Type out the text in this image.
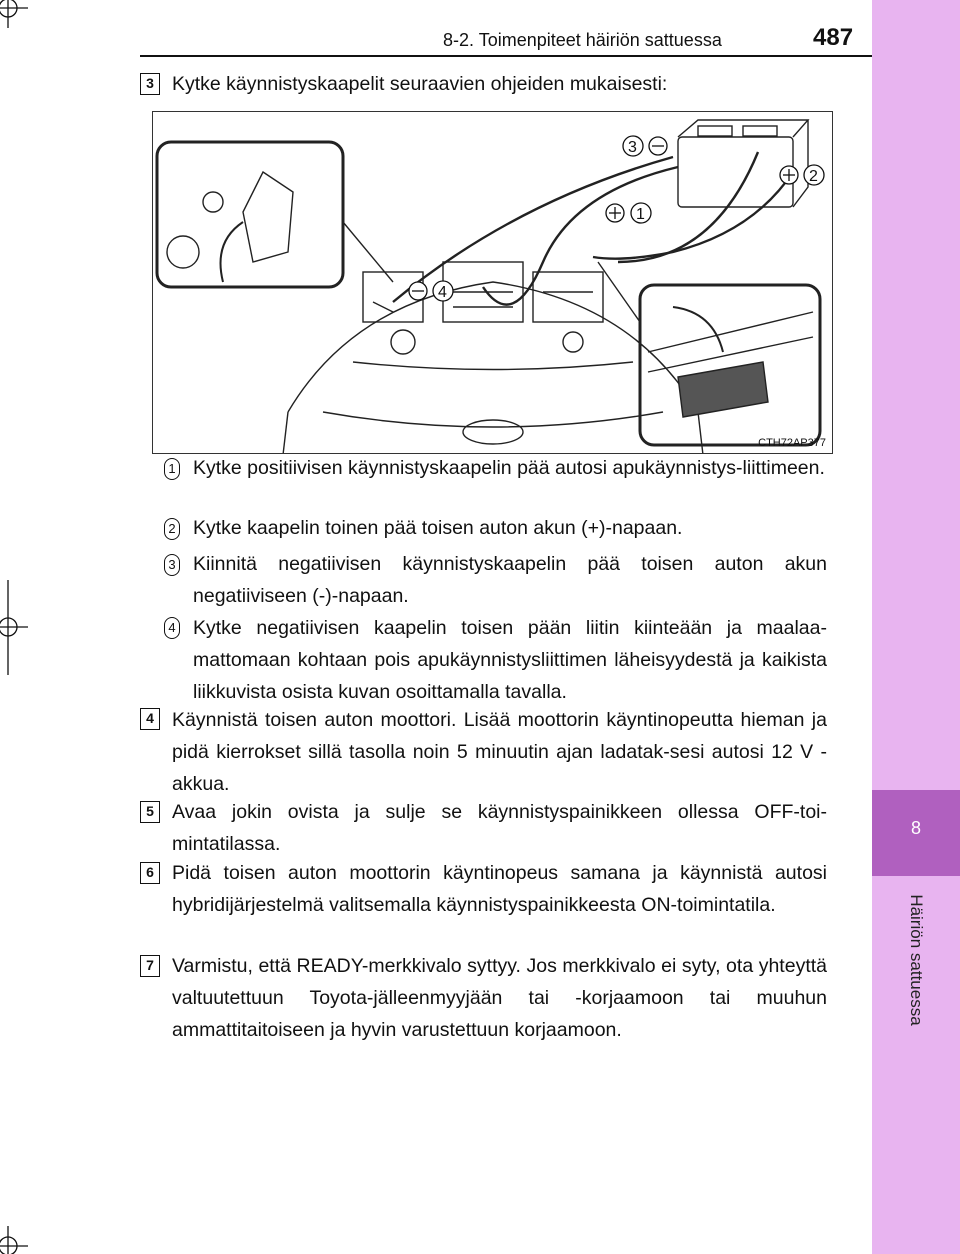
8
Häiriön sattuessa
8-2. Toimenpiteet häiriön sattuessa	487
3 Kytke käynnistyskaapelit seuraavien ohjeiden mukaisesti:
3
2
1
4
CTH72AP377
1 Kytke positiivisen käynnistyskaapelin pää autosi apukäynnistys-liittimeen.
2 Kytke kaapelin toinen pää toisen auton akun (+)-napaan.
3 Kiinnitä negatiivisen käynnistyskaapelin pää toisen auton akun negatiiviseen (-)-napaan.
4 Kytke negatiivisen kaapelin toisen pään liitin kiinteään ja maalaa-mattomaan kohtaan pois apukäynnistysliittimen läheisyydestä ja kaikista liikkuvista osista kuvan osoittamalla tavalla.
4 Käynnistä toisen auton moottori. Lisää moottorin käyntinopeutta hieman ja pidä kierrokset sillä tasolla noin 5 minuutin ajan ladatak-sesi autosi 12 V -akkua.
5 Avaa jokin ovista ja sulje se käynnistyspainikkeen ollessa OFF-toi-mintatilassa.
6 Pidä toisen auton moottorin käyntinopeus samana ja käynnistä autosi hybridijärjestelmä valitsemalla käynnistyspainikkeesta ON-toimintatila.
7 Varmistu, että READY-merkkivalo syttyy. Jos merkkivalo ei syty, ota yhteyttä valtuutettuun Toyota-jälleenmyyjään tai -korjaamoon tai muuhun ammattitaitoiseen ja hyvin varustettuun korjaamoon.
